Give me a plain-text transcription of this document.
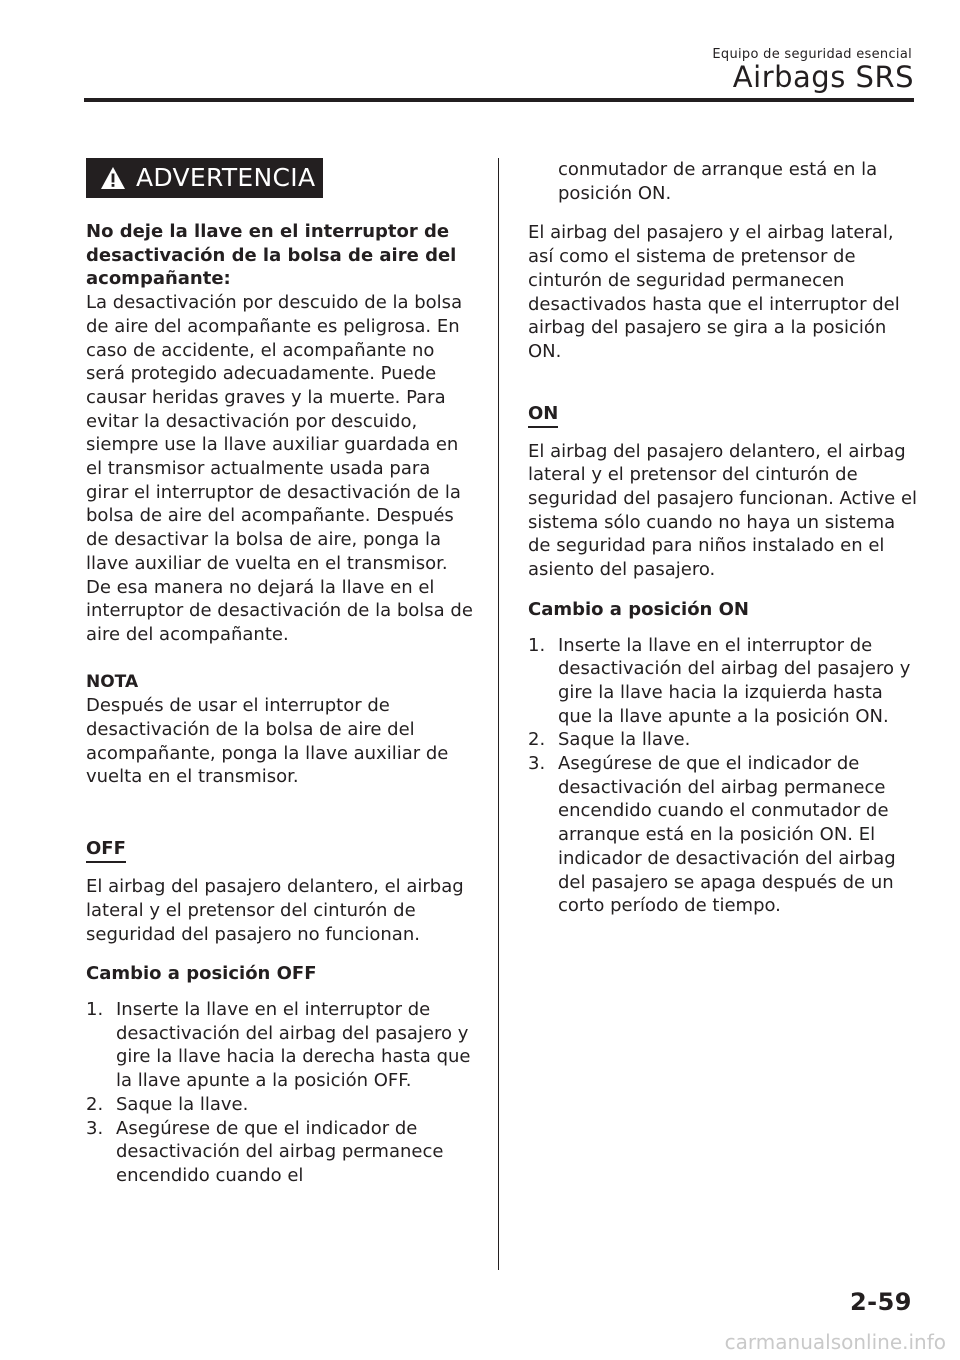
Equipo de seguridad esencial
Airbags SRS
ADVERTENCIA

No deje la llave en el interruptor de desactivación de la bolsa de aire del acompañante:

La desactivación por descuido de la bolsa de aire del acompañante es peligrosa. En caso de accidente, el acompañante no será protegido adecuadamente. Puede causar heridas graves y la muerte. Para evitar la desactivación por descuido, siempre use la llave auxiliar guardada en el transmisor actualmente usada para girar el interruptor de desactivación de la bolsa de aire del acompañante. Después de desactivar la bolsa de aire, ponga la llave auxiliar de vuelta en el transmisor. De esa manera no dejará la llave en el interruptor de desactivación de la bolsa de aire del acompañante.

NOTA

Después de usar el interruptor de desactivación de la bolsa de aire del acompañante, ponga la llave auxiliar de vuelta en el transmisor.

OFF

El airbag del pasajero delantero, el airbag lateral y el pretensor del cinturón de seguridad del pasajero no funcionan.

Cambio a posición OFF

1. Inserte la llave en el interruptor de desactivación del airbag del pasajero y gire la llave hacia la derecha hasta que la llave apunte a la posición OFF.
2. Saque la llave.
3. Asegúrese de que el indicador de desactivación del airbag permanece encendido cuando el

conmutador de arranque está en la posición ON.

El airbag del pasajero y el airbag lateral, así como el sistema de pretensor de cinturón de seguridad permanecen desactivados hasta que el interruptor del airbag del pasajero se gira a la posición ON.

ON

El airbag del pasajero delantero, el airbag lateral y el pretensor del cinturón de seguridad del pasajero funcionan. Active el sistema sólo cuando no haya un sistema de seguridad para niños instalado en el asiento del pasajero.

Cambio a posición ON

1. Inserte la llave en el interruptor de desactivación del airbag del pasajero y gire la llave hacia la izquierda hasta que la llave apunte a la posición ON.
2. Saque la llave.
3. Asegúrese de que el indicador de desactivación del airbag permanece encendido cuando el conmutador de arranque está en la posición ON. El indicador de desactivación del airbag del pasajero se apaga después de un corto período de tiempo.
2-59
carmanualsonline.info
